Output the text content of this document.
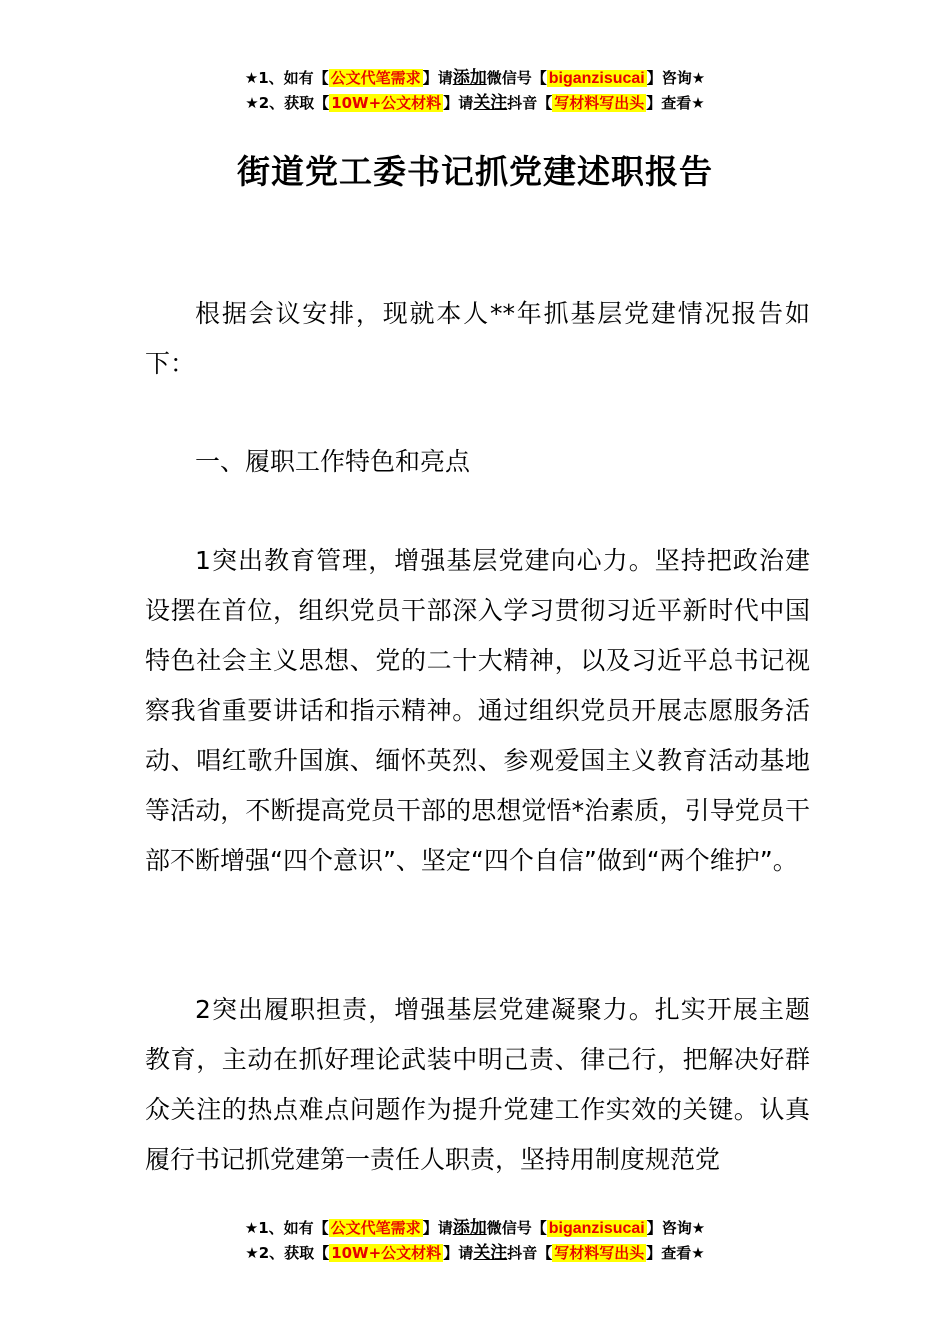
★1、如有【 公文代笔需求 】请添加微信号【 biganzisucai 】咨询★
★2、获取【 10W+公文材料 】请关注抖音【 写材料写出头 】查看★
街道党工委书记抓党建述职报告

根据会议安排，现就本人**年抓基层党建情况报告如下：

一、履职工作特色和亮点

1突出教育管理，增强基层党建向心力。坚持把政治建设摆在首位，组织党员干部深入学习贯彻习近平新时代中国特色社会主义思想、党的二十大精神，以及习近平总书记视察我省重要讲话和指示精神。通过组织党员开展志愿服务活动、唱红歌升国旗、缅怀英烈、参观爱国主义教育活动基地等活动，不断提高党员干部的思想觉悟*治素质，引导党员干部不断增强“四个意识”、坚定“四个自信”做到“两个维护”。

2突出履职担责，增强基层党建凝聚力。扎实开展主题教育，主动在抓好理论武装中明己责、律己行，把解决好群众关注的热点难点问题作为提升党建工作实效的关键。认真履行书记抓党建第一责任人职责，坚持用制度规范党

★1、如有【 公文代笔需求 】请添加微信号【 biganzisucai 】咨询★
★2、获取【 10W+公文材料 】请关注抖音【 写材料写出头 】查看★
